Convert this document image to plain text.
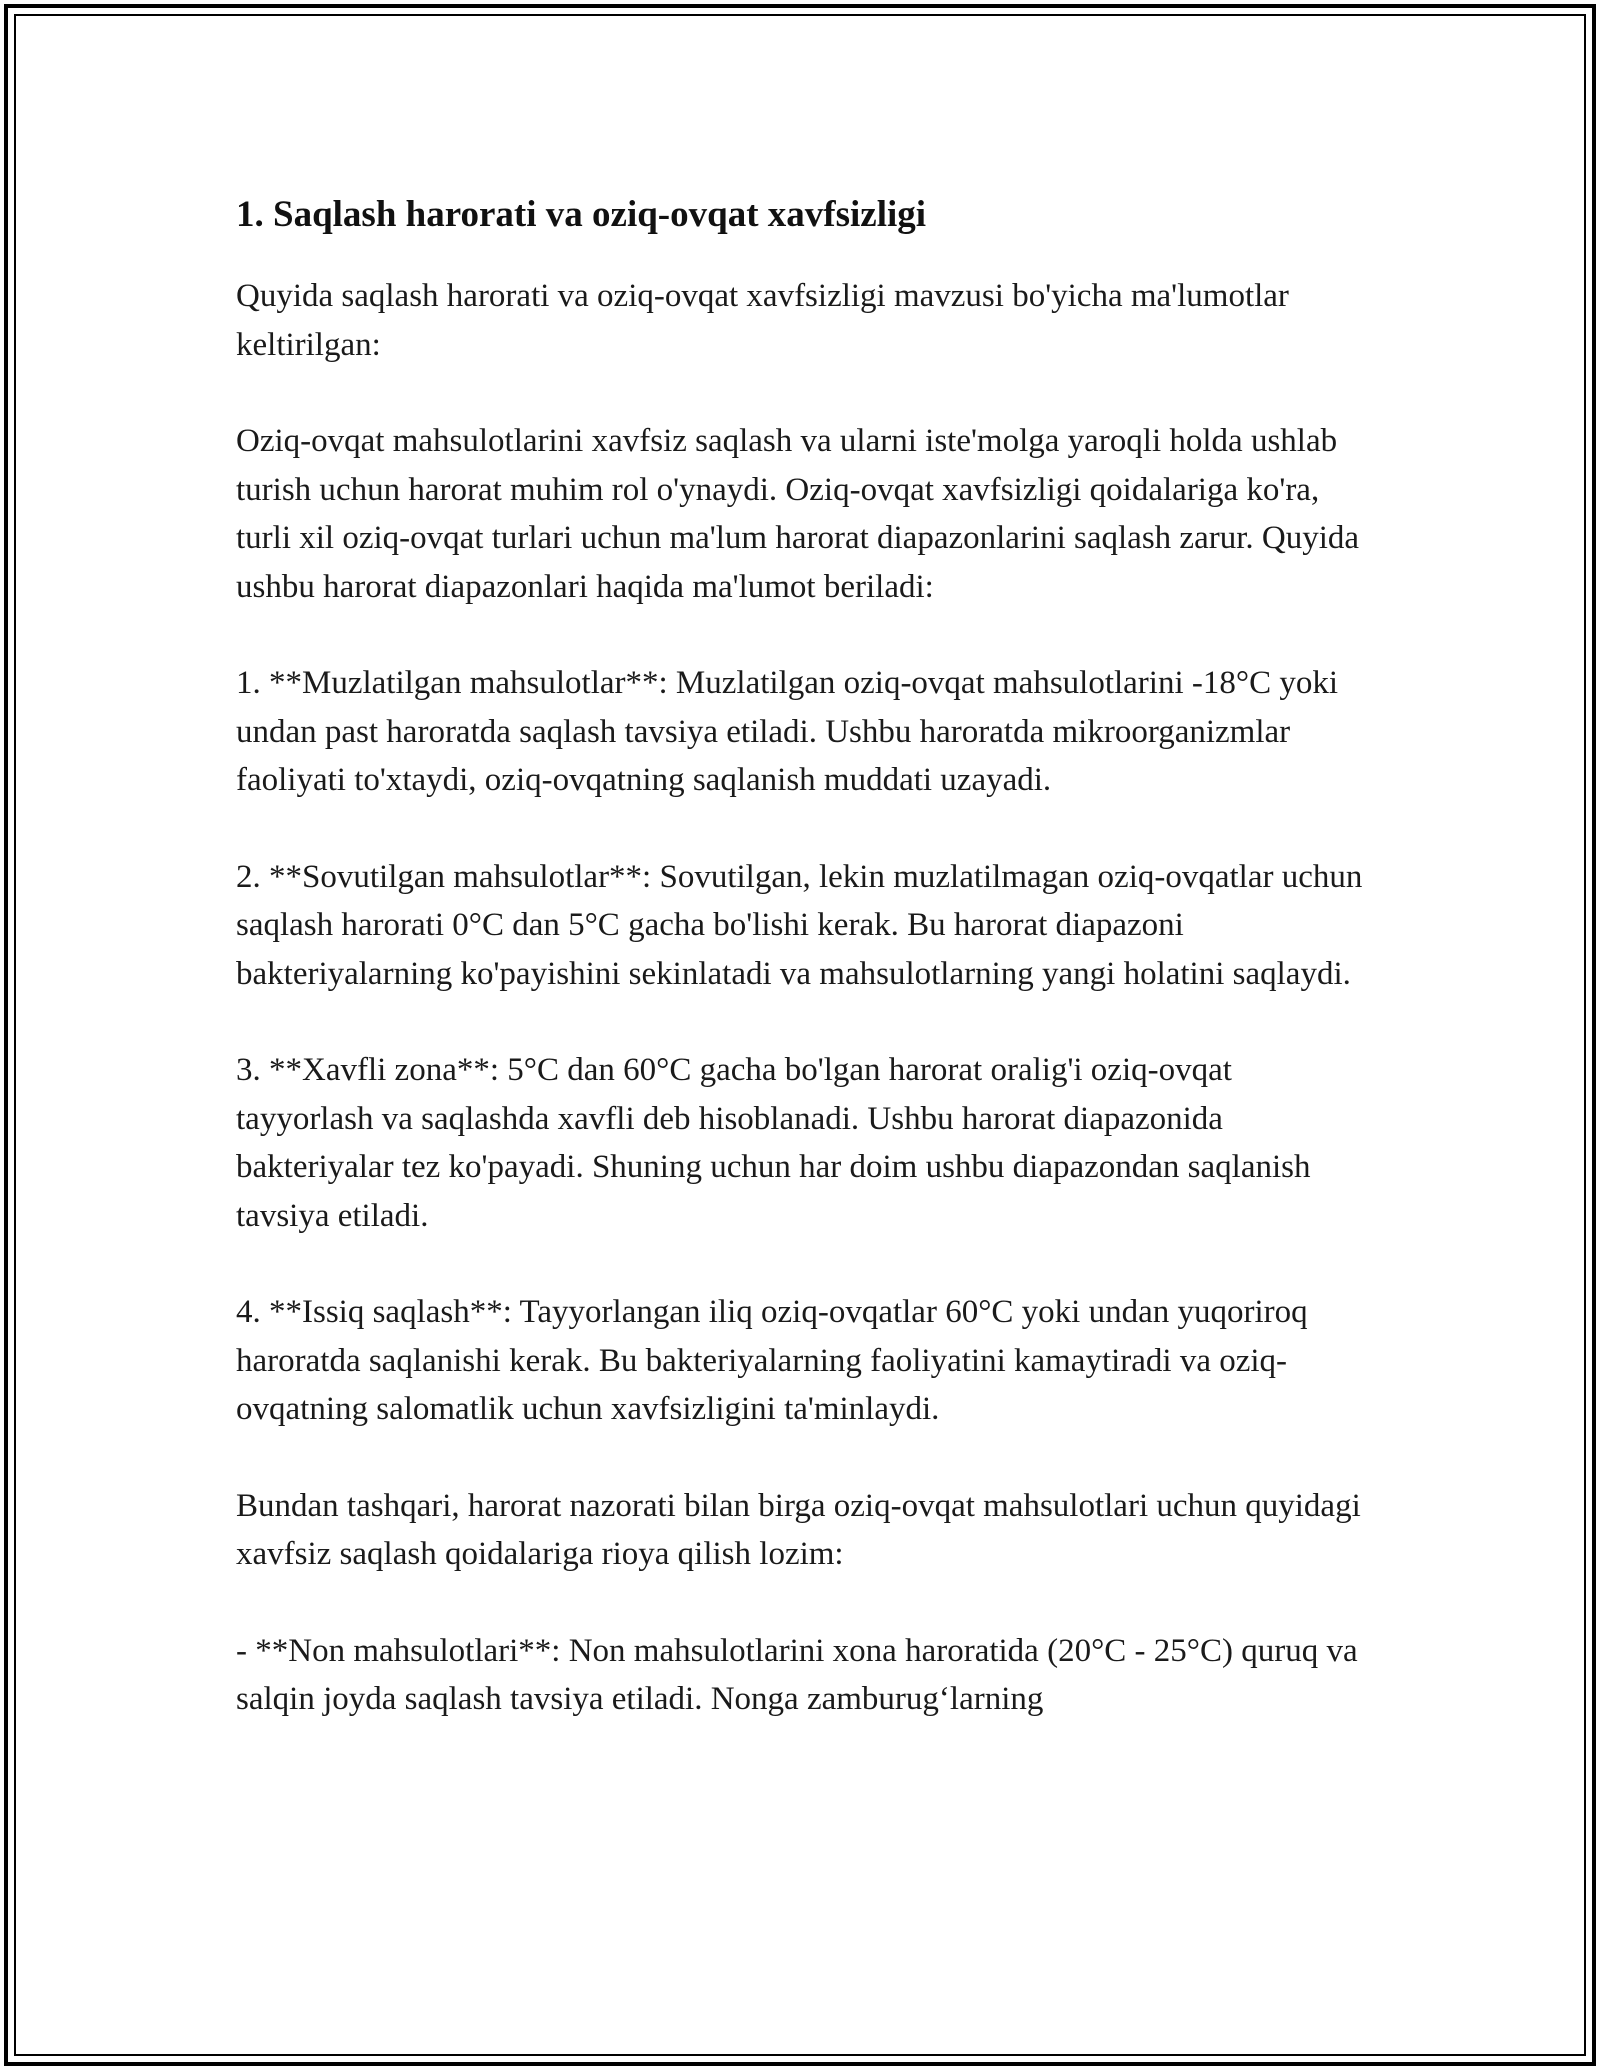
1. Saqlash harorati va oziq-ovqat xavfsizligi

Quyida saqlash harorati va oziq-ovqat xavfsizligi mavzusi bo'yicha ma'lumotlar keltirilgan:

Oziq-ovqat mahsulotlarini xavfsiz saqlash va ularni iste'molga yaroqli holda ushlab turish uchun harorat muhim rol o'ynaydi. Oziq-ovqat xavfsizligi qoidalariga ko'ra, turli xil oziq-ovqat turlari uchun ma'lum harorat diapazonlarini saqlash zarur. Quyida ushbu harorat diapazonlari haqida ma'lumot beriladi:

1. **Muzlatilgan mahsulotlar**: Muzlatilgan oziq-ovqat mahsulotlarini -18°C yoki undan past haroratda saqlash tavsiya etiladi. Ushbu haroratda mikroorganizmlar faoliyati to'xtaydi, oziq-ovqatning saqlanish muddati uzayadi.

2. **Sovutilgan mahsulotlar**: Sovutilgan, lekin muzlatilmagan oziq-ovqatlar uchun saqlash harorati 0°C dan 5°C gacha bo'lishi kerak. Bu harorat diapazoni bakteriyalarning ko'payishini sekinlatadi va mahsulotlarning yangi holatini saqlaydi.

3. **Xavfli zona**: 5°C dan 60°C gacha bo'lgan harorat oralig'i oziq-ovqat tayyorlash va saqlashda xavfli deb hisoblanadi. Ushbu harorat diapazonida bakteriyalar tez ko'payadi. Shuning uchun har doim ushbu diapazondan saqlanish tavsiya etiladi.

4. **Issiq saqlash**: Tayyorlangan iliq oziq-ovqatlar 60°C yoki undan yuqoriroq haroratda saqlanishi kerak. Bu bakteriyalarning faoliyatini kamaytiradi va oziq-ovqatning salomatlik uchun xavfsizligini ta'minlaydi.

Bundan tashqari, harorat nazorati bilan birga oziq-ovqat mahsulotlari uchun quyidagi xavfsiz saqlash qoidalariga rioya qilish lozim:

- **Non mahsulotlari**: Non mahsulotlarini xona haroratida (20°C - 25°C) quruq va salqin joyda saqlash tavsiya etiladi. Nonga zamburug‘larning
